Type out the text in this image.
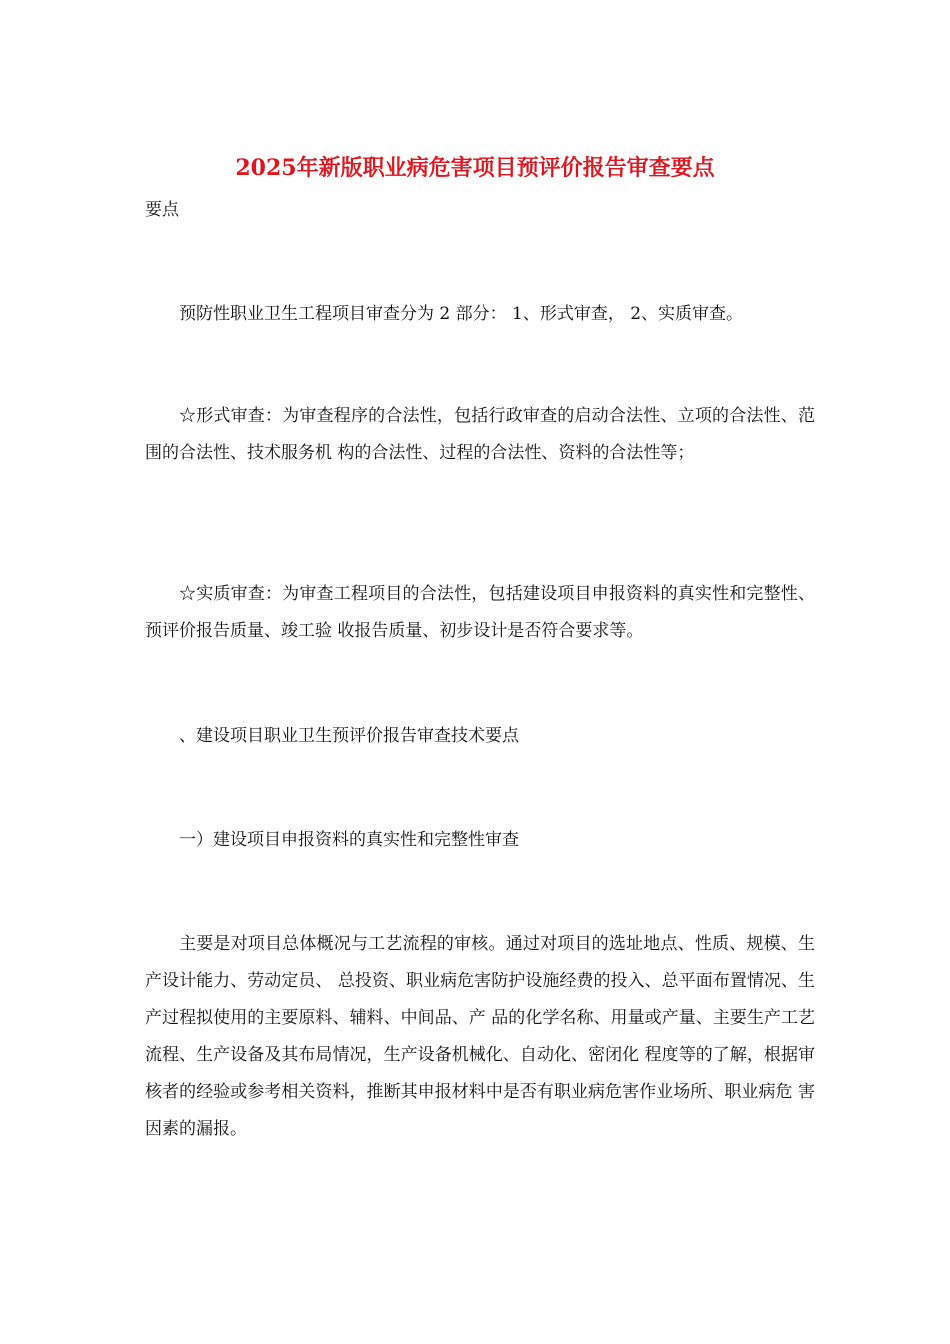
2025年新版职业病危害项目预评价报告审查要点
要点

预防性职业卫生工程项目审查分为 2 部分： 1、形式审查， 2、实质审查。

☆形式审查：为审查程序的合法性，包括行政审查的启动合法性、立项的合法性、范围的合法性、技术服务机 构的合法性、过程的合法性、资料的合法性等；

☆实质审查：为审查工程项目的合法性，包括建设项目申报资料的真实性和完整性、预评价报告质量、竣工验 收报告质量、初步设计是否符合要求等。

、建设项目职业卫生预评价报告审查技术要点

一）建设项目申报资料的真实性和完整性审查

主要是对项目总体概况与工艺流程的审核。通过对项目的选址地点、性质、规模、生产设计能力、劳动定员、 总投资、职业病危害防护设施经费的投入、总平面布置情况、生产过程拟使用的主要原料、辅料、中间品、产 品的化学名称、用量或产量、主要生产工艺流程、生产设备及其布局情况，生产设备机械化、自动化、密闭化 程度等的了解，根据审核者的经验或参考相关资料，推断其申报材料中是否有职业病危害作业场所、职业病危 害因素的漏报。
